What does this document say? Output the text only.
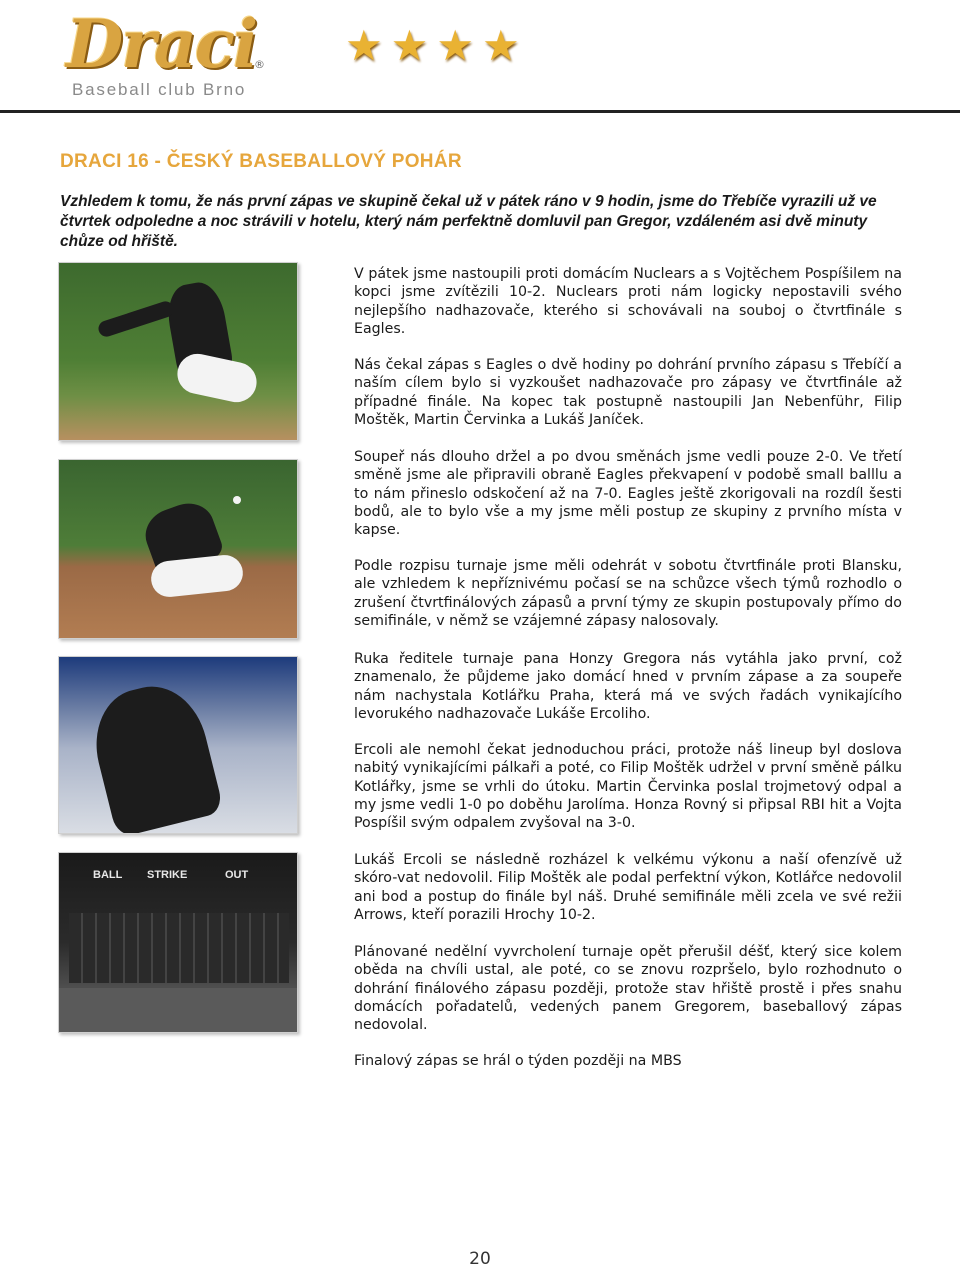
Draci
®
Baseball club Brno
★ ★ ★ ★
DRACI 16 - ČESKÝ BASEBALLOVÝ POHÁR

Vzhledem k tomu, že nás první zápas ve skupině čekal už v pátek ráno v 9 hodin, jsme do Třebíče vyrazili už ve čtvrtek odpoledne a noc strávili v hotelu, který nám perfektně domluvil pan Gregor, vzdáleném asi dvě minuty chůze od hřiště.

BALL STRIKE	OUT

V pátek jsme nastoupili proti domácím Nuclears a s Vojtěchem Pospíšilem na kopci jsme zvítězili 10-2. Nuclears proti nám logicky nepostavili svého nejlepšího nadhazovače, kterého si schovávali na souboj o čtvrtfinále s Eagles.

Nás čekal zápas s Eagles o dvě hodiny po dohrání prvního zápasu s Třebíčí a naším cílem bylo si vyzkoušet nadhazovače pro zápasy ve čtvrtfinále až případné finále. Na kopec tak postupně nastoupili Jan Nebenführ, Filip Moštěk, Martin Červinka a Lukáš Janíček.

Soupeř nás dlouho držel a po dvou směnách jsme vedli pouze 2-0. Ve třetí směně jsme ale připravili obraně Eagles překvapení v podobě small balllu a to nám přineslo odskočení až na 7-0. Eagles ještě zkorigovali na rozdíl šesti bodů, ale to bylo vše a my jsme měli postup ze skupiny z prvního místa v kapse.

Podle rozpisu turnaje jsme měli odehrát v sobotu čtvrtfinále proti Blansku, ale vzhledem k nepříznivému počasí se na schůzce všech týmů rozhodlo o zrušení čtvrtfinálových zápasů a první týmy ze skupin postupovaly přímo do semifinále, v němž se vzájemné zápasy nalosovaly.

Ruka ředitele turnaje pana Honzy Gregora nás vytáhla jako první, což znamenalo, že půjdeme jako domácí hned v prvním zápase a za soupeře nám nachystala Kotlářku Praha, která má ve svých řadách vynikajícího levorukého nadhazovače Lukáše Ercoliho.

Ercoli ale nemohl čekat jednoduchou práci, protože náš lineup byl doslova nabitý vynikajícími pálkaři a poté, co Filip Moštěk udržel v první směně pálku Kotlářky, jsme se vrhli do útoku. Martin Červinka poslal trojmetový odpal a my jsme vedli 1-0 po doběhu Jarolíma. Honza Rovný si připsal RBI hit a Vojta Pospíšil svým odpalem zvyšoval na 3-0.

Lukáš Ercoli se následně rozházel k velkému výkonu a naší ofenzívě už skóro-vat nedovolil. Filip Moštěk ale podal perfektní výkon, Kotlářce nedovolil ani bod a postup do finále byl náš. Druhé semifinále měli zcela ve své režii Arrows, kteří porazili Hrochy 10-2.

Plánované nedělní vyvrcholení turnaje opět přerušil déšť, který sice kolem oběda na chvíli ustal, ale poté, co se znovu rozpršelo, bylo rozhodnuto o dohrání finálového zápasu později, protože stav hřiště prostě i přes snahu domácích pořadatelů, vedených panem Gregorem, baseballový zápas nedovolal.

Finalový zápas se hrál o týden později na MBS

20
